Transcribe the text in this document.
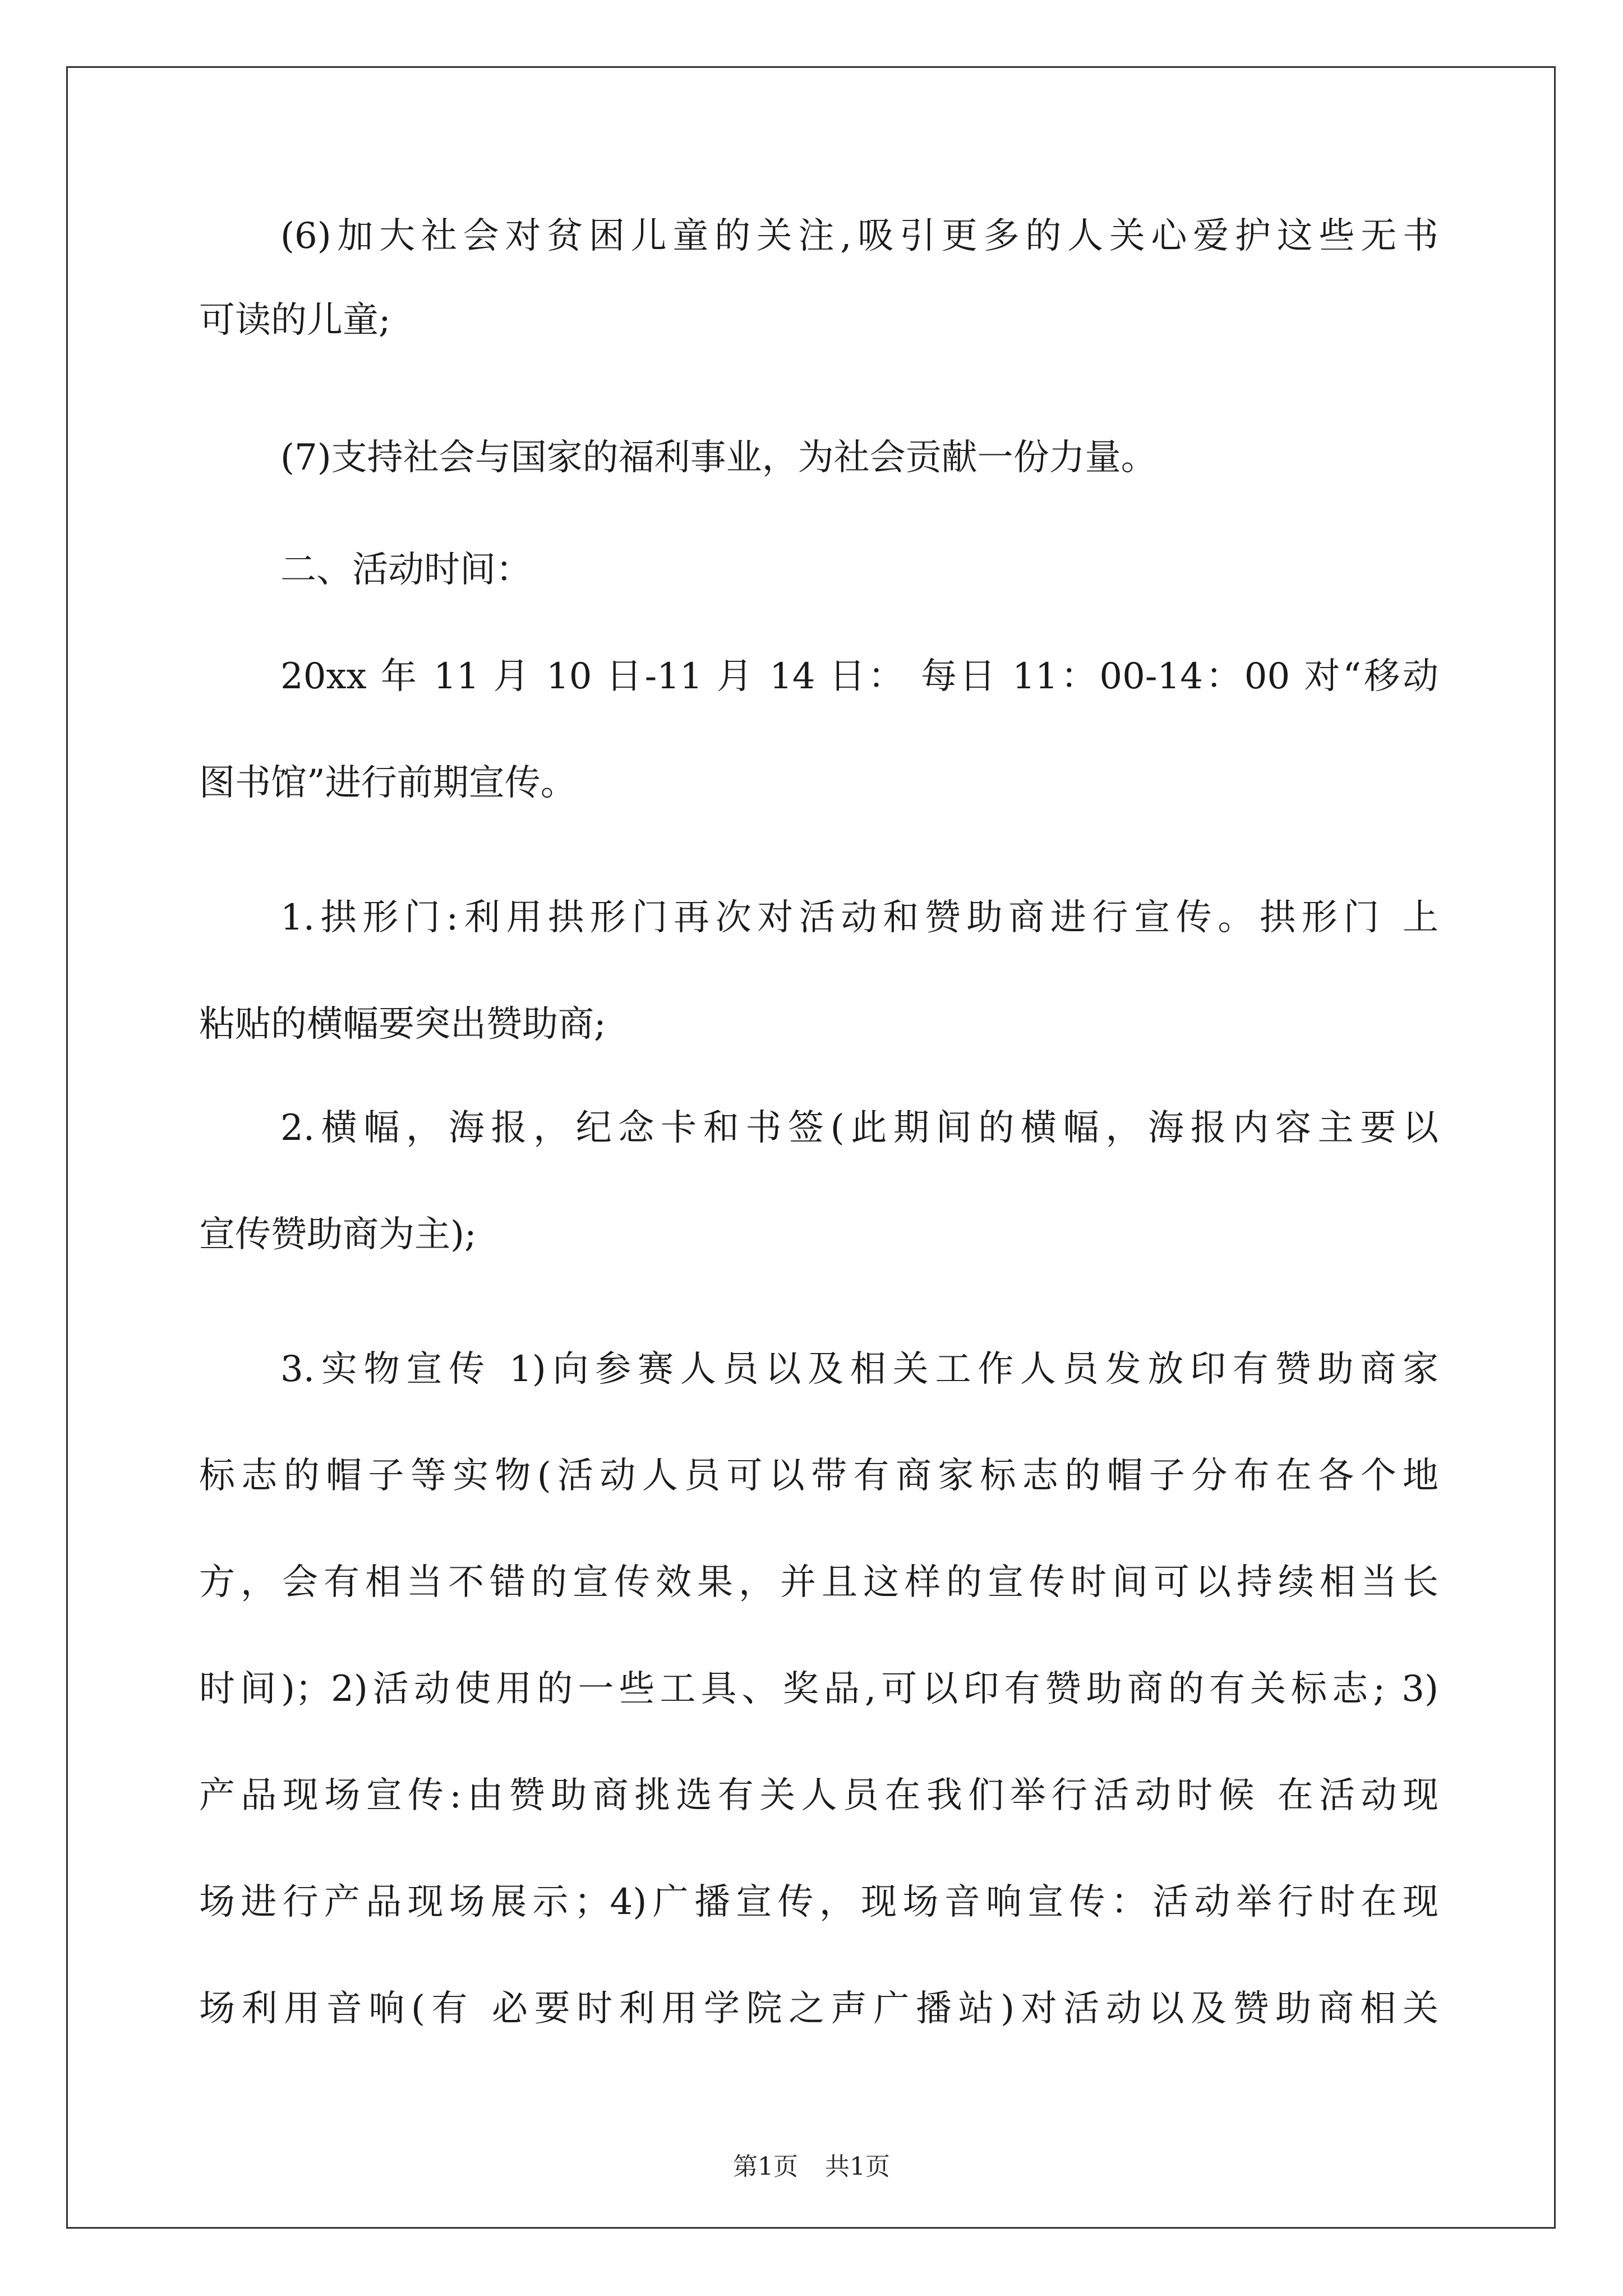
(6)加大社会对贫困儿童的关注,吸引更多的人关心爱护这些无书
可读的儿童;
(7)支持社会与国家的福利事业，为社会贡献一份力量。
二、活动时间：
20xx 年 11 月 10 日-11 月 14 日： 每日 11：00-14：00 对“移动
图书馆”进行前期宣传。
1.拱形门:利用拱形门再次对活动和赞助商进行宣传。拱形门 上
粘贴的横幅要突出赞助商;
2.横幅，海报，纪念卡和书签(此期间的横幅，海报内容主要以
宣传赞助商为主);
3.实物宣传 1)向参赛人员以及相关工作人员发放印有赞助商家
标志的帽子等实物(活动人员可以带有商家标志的帽子分布在各个地
方，会有相当不错的宣传效果，并且这样的宣传时间可以持续相当长
时间)；2)活动使用的一些工具、奖品,可以印有赞助商的有关标志; 3)
产品现场宣传:由赞助商挑选有关人员在我们举行活动时候 在活动现
场进行产品现场展示；4)广播宣传，现场音响宣传：活动举行时在现
场利用音响(有 必要时利用学院之声广播站)对活动以及赞助商相关
第1页 共1页
